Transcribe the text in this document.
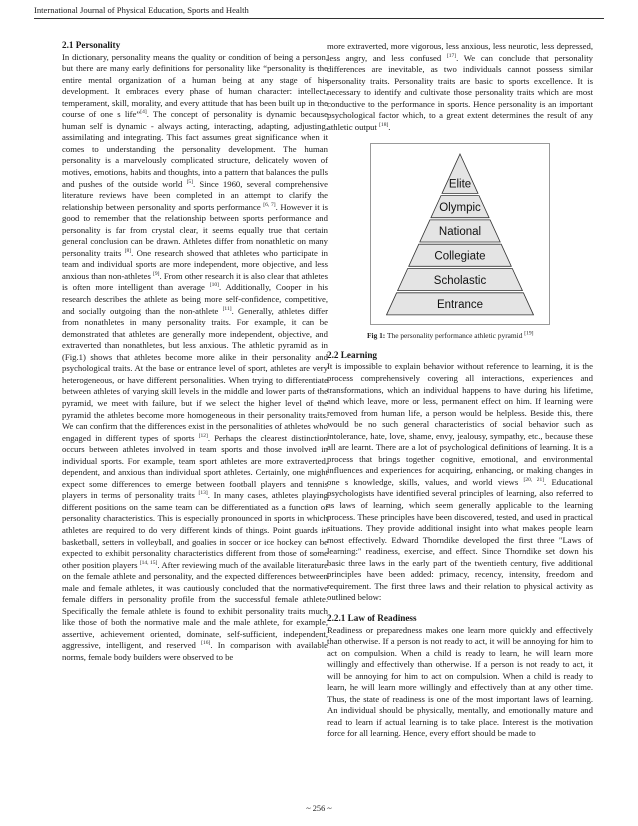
International Journal of Physical Education, Sports and Health

2.1 Personality

In dictionary, personality means the quality or condition of being a person, but there are many early definitions for personality like “personality is the entire mental organization of a human being at any stage of his development. It embraces every phase of human character: intellect, temperament, skill, morality, and every attitude that has been built up in the course of one s life”[4]. The concept of personality is dynamic because human self is dynamic - always acting, interacting, adapting, adjusting, assimilating and integrating. This fact assumes great significance when it comes to understanding the personality development. The human personality is a marvelously complicated structure, delicately woven of motives, emotions, habits and thoughts, into a pattern that balances the pulls and pushes of the outside world [5]. Since 1960, several comprehensive literature reviews have been completed in an attempt to clarify the relationship between personality and sports performance [6, 7]. However it is good to remember that the relationship between sports performance and personality is far from crystal clear, it seems equally true that certain general conclusion can be drawn. Athletes differ from nonathletic on many personality traits [8]. One research showed that athletes who participate in team and individual sports are more independent, more objective, and less anxious than non-athletes [9]. From other research it is also clear that athletes is often more intelligent than average [10]. Additionally, Cooper in his research describes the athlete as being more self-confidence, competitive, and socially outgoing than the non-athlete [11]. Generally, athletes differ from nonathletes in many personality traits. For example, it can be demonstrated that athletes are generally more independent, objective, and extraverted than nonathletes, but less anxious. The athletic pyramid as in (Fig.1) shows that athletes become more alike in their personality and psychological traits. At the base or entrance level of sport, athletes are very heterogeneous, or have different personalities. When trying to differentiate between athletes of varying skill levels in the middle and lower parts of the pyramid, we meet with failure, but if we select the higher level of the pyramid the athletes become more homogeneous in their personality traits. We can confirm that the differences exist in the personalities of athletes who engaged in different types of sports [12]. Perhaps the clearest distinction occurs between athletes involved in team sports and those involved in individual sports. For example, team sport athletes are more extraverted, dependent, and anxious than individual sport athletes. Certainly, one might expect some differences to emerge between football players and tennis players in terms of personality traits [13]. In many cases, athletes playing different positions on the same team can be differentiated as a function of personality characteristics. This is especially pronounced in sports in which athletes are required to do very different kinds of things. Point guards in basketball, setters in volleyball, and goalies in soccer or ice hockey can be expected to exhibit personality characteristics different from those of some other position players [14, 15]. After reviewing much of the available literature on the female athlete and personality, and the expected differences between male and female athletes, it was cautiously concluded that the normative female differs in personality profile from the successful female athlete. Specifically the female athlete is found to exhibit personality traits much like those of both the normative male and the male athlete, for example, assertive, achievement oriented, dominate, self-sufficient, independent, aggressive, intelligent, and reserved [16]. In comparison with available norms, female body builders were observed to be

more extraverted, more vigorous, less anxious, less neurotic, less depressed, less angry, and less confused [17]. We can conclude that personality differences are inevitable, as two individuals cannot possess similar personality traits. Personality traits are basic to sports excellence. It is necessary to identify and cultivate those personality traits which are most conductive to the performance in sports. Hence personality is an important psychological factor which, to a great extent determines the result of any athletic output [18].

Elite
Olympic
National
Collegiate
Scholastic
Entrance
Fig 1: The personality performance athletic pyramid [19]

2.2 Learning

It is impossible to explain behavior without reference to learning, it is the process comprehensively covering all interactions, experiences and transformations, which an individual happens to have during his lifetime, and which leave, more or less, permanent effect on him. If learning were removed from human life, a person would be helpless. Beside this, there would be no such general characteristics of social behavior such as intolerance, hate, love, shame, envy, jealousy, sympathy, etc., because these all are learnt. There are a lot of psychological definitions of learning. It is a process that brings together cognitive, emotional, and environmental influences and experiences for acquiring, enhancing, or making changes in one s knowledge, skills, values, and world views [20, 21]. Educational psychologists have identified several principles of learning, also referred to as laws of learning, which seem generally applicable to the learning process. These principles have been discovered, tested, and used in practical situations. They provide additional insight into what makes people learn most effectively. Edward Thorndike developed the first three "Laws of learning:" readiness, exercise, and effect. Since Thorndike set down his basic three laws in the early part of the twentieth century, five additional principles have been added: primacy, recency, intensity, freedom and requirement. The first three laws and their relation to physical activity as outlined below:

2.2.1 Law of Readiness

Readiness or preparedness makes one learn more quickly and effectively than otherwise. If a person is not ready to act, it will be annoying for him to act on compulsion. When a child is ready to learn, he will learn more willingly and effectively than otherwise. If a person is not ready to act, it will be annoying for him to act on compulsion. When a child is ready to learn, he will learn more willingly and effectively than at any other time. Thus, the state of readiness is one of the most important laws of learning. An individual should be physically, mentally, and emotionally mature and read to learn if actual learning is to take place. Interest is the motivation force for all learning. Hence, every effort should be made to

~ 256 ~
